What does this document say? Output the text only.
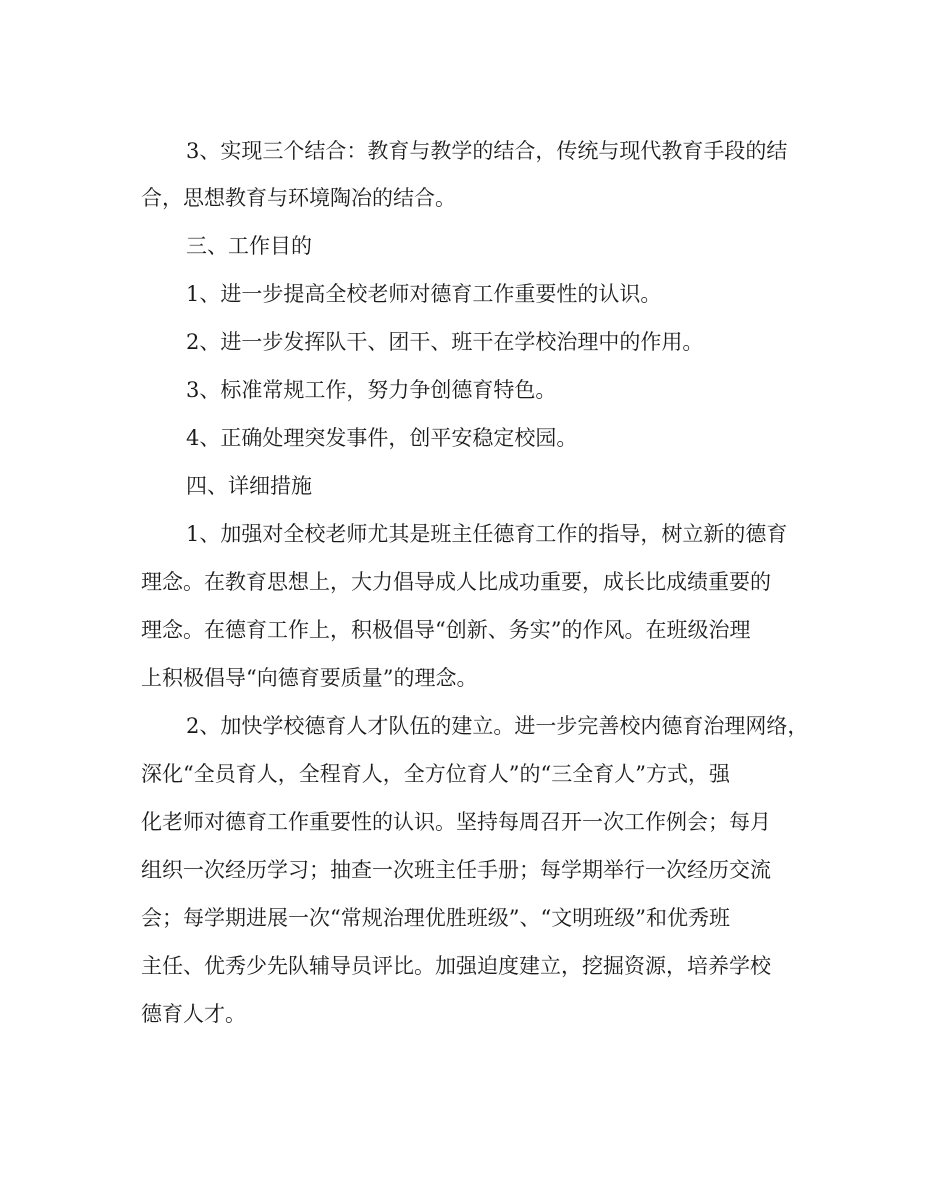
3、实现三个结合：教育与教学的结合，传统与现代教育手段的结
合，思想教育与环境陶冶的结合。
三、工作目的
1、进一步提高全校老师对德育工作重要性的认识。
2、进一步发挥队干、团干、班干在学校治理中的作用。
3、标准常规工作，努力争创德育特色。
4、正确处理突发事件，创平安稳定校园。
四、详细措施
1、加强对全校老师尤其是班主任德育工作的指导，树立新的德育
理念。在教育思想上，大力倡导成人比成功重要，成长比成绩重要的
理念。在德育工作上，积极倡导“创新、务实”的作风。在班级治理
上积极倡导“向德育要质量”的理念。
2、加快学校德育人才队伍的建立。进一步完善校内德育治理网络，
深化“全员育人，全程育人，全方位育人”的“三全育人”方式，强
化老师对德育工作重要性的认识。坚持每周召开一次工作例会；每月
组织一次经历学习；抽查一次班主任手册；每学期举行一次经历交流
会；每学期进展一次“常规治理优胜班级”、“文明班级”和优秀班
主任、优秀少先队辅导员评比。加强迫度建立，挖掘资源，培养学校
德育人才。
